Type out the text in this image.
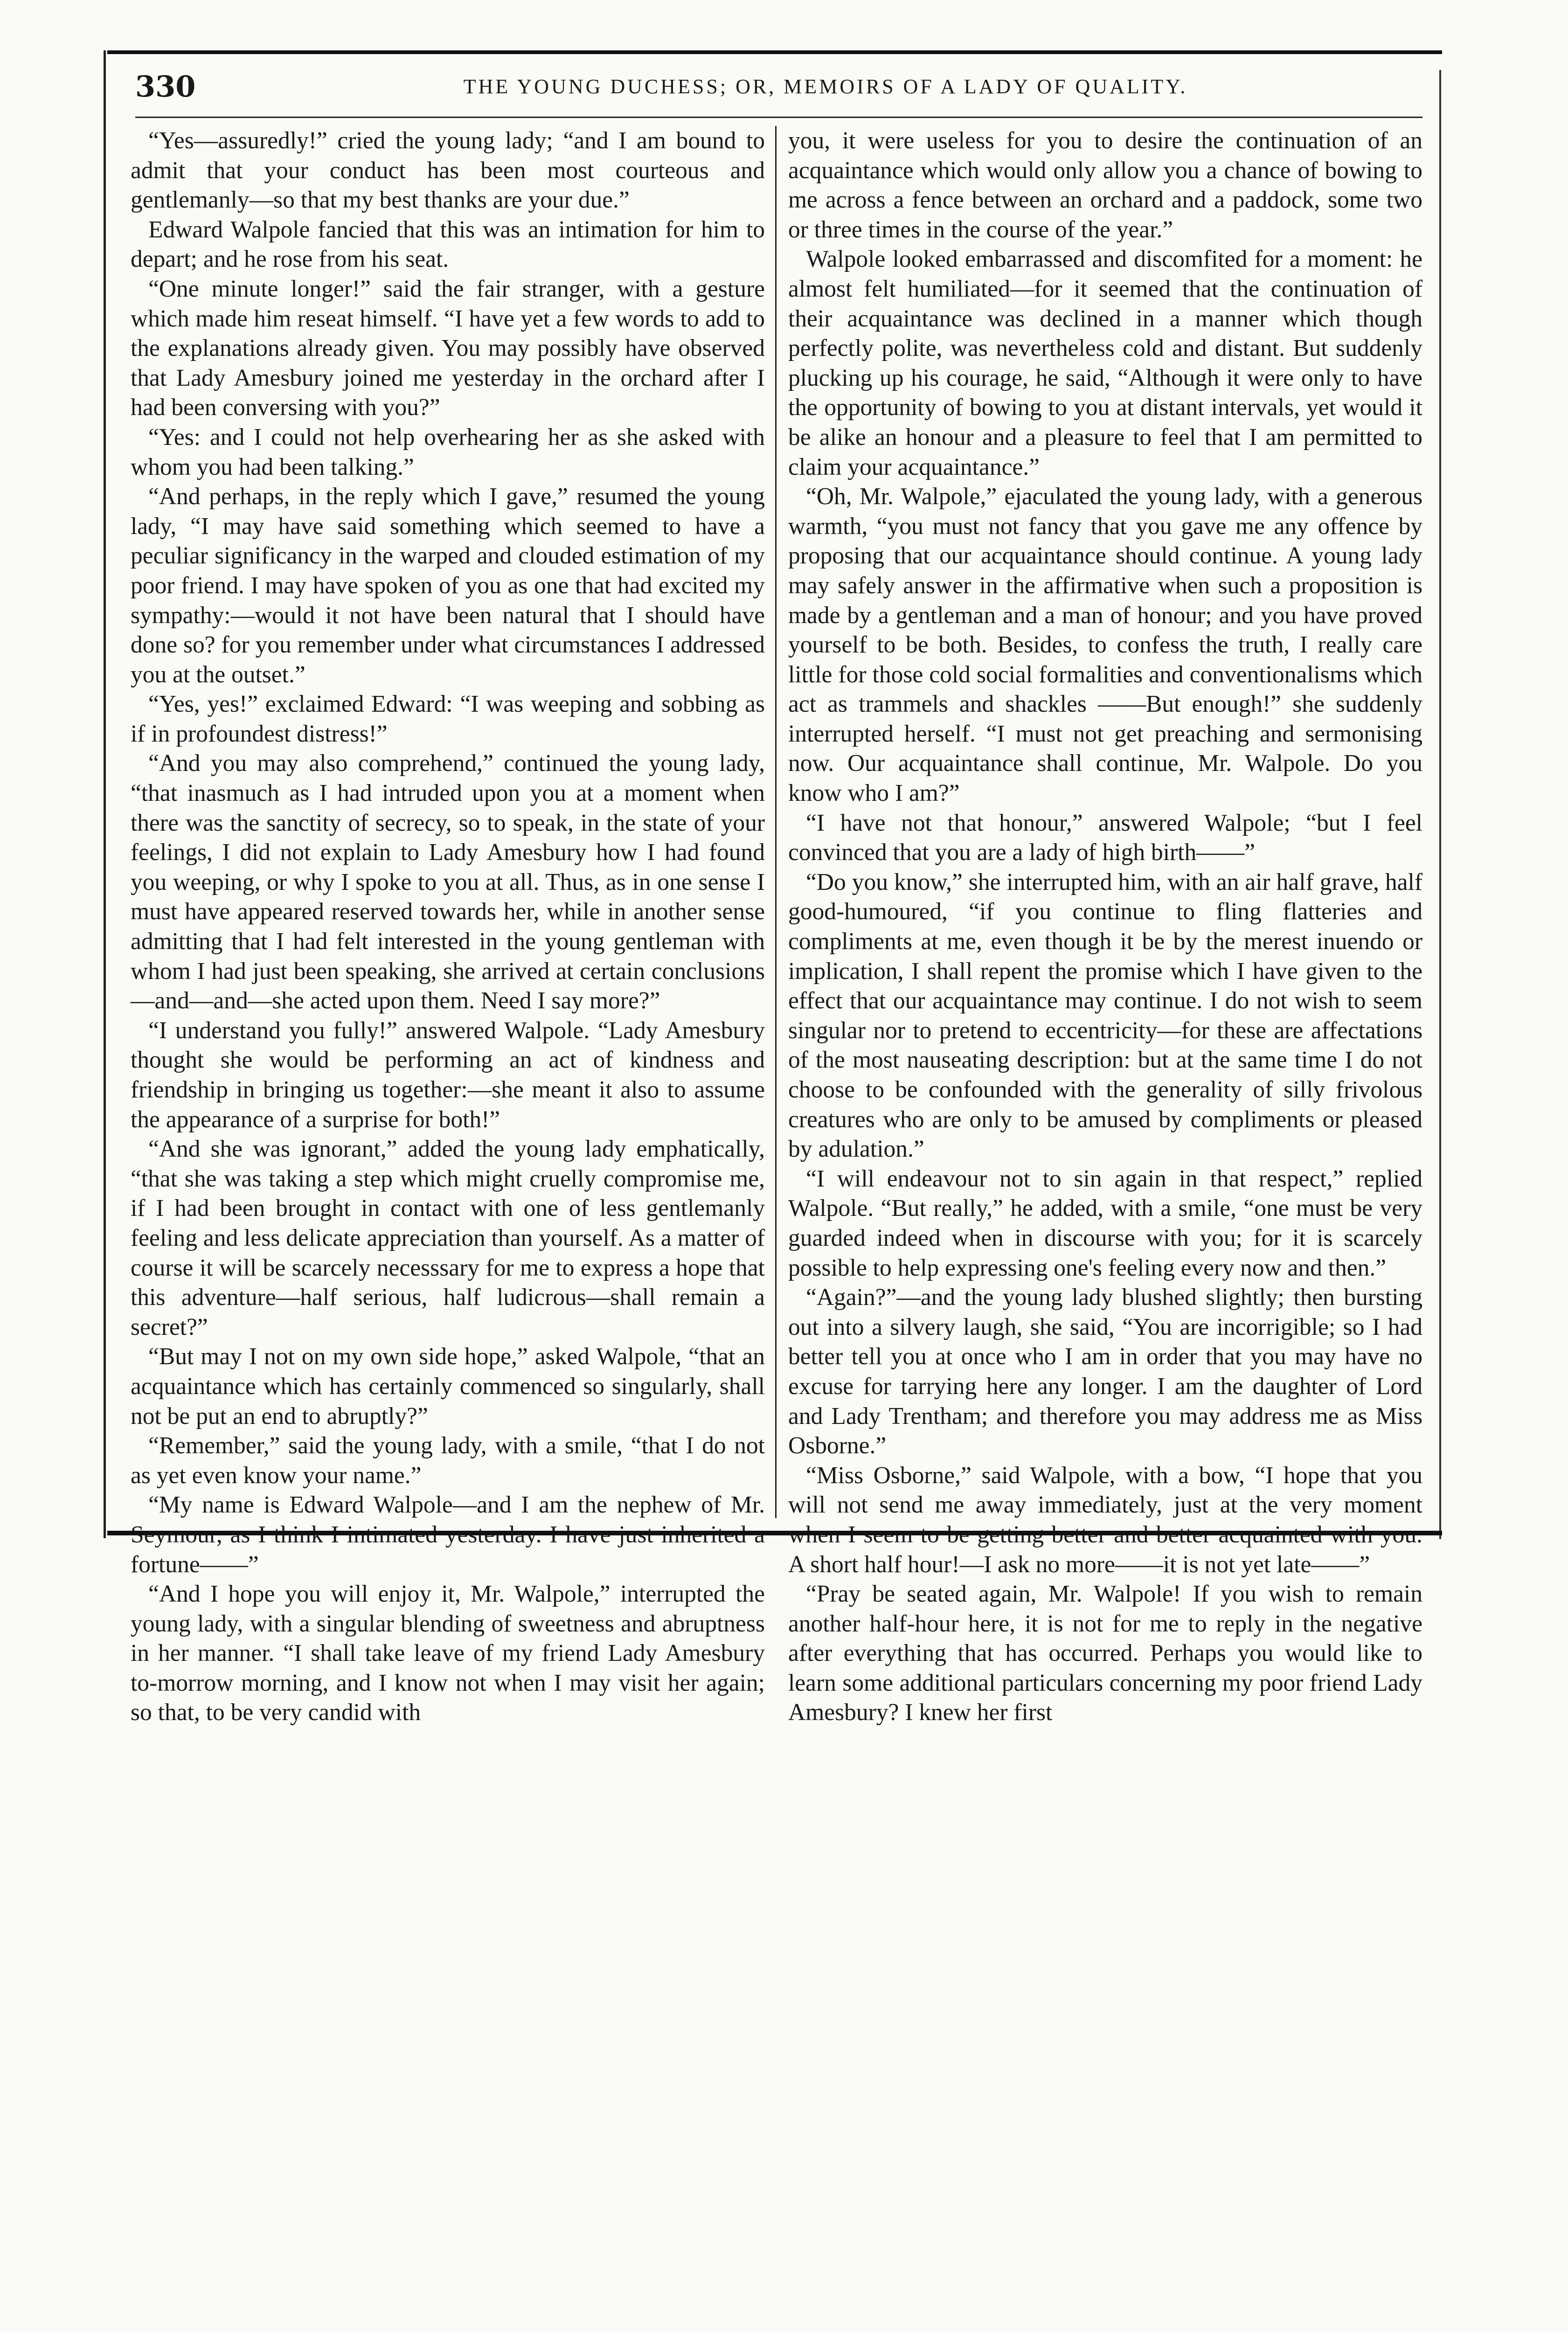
330	THE YOUNG DUCHESS; OR, MEMOIRS OF A LADY OF QUALITY.

“Yes—assuredly!” cried the young lady; “and I am bound to admit that your conduct has been most courteous and gentlemanly—so that my best thanks are your due.”

Edward Walpole fancied that this was an intimation for him to depart; and he rose from his seat.

“One minute longer!” said the fair stranger, with a gesture which made him reseat himself. “I have yet a few words to add to the explanations already given. You may possibly have observed that Lady Amesbury joined me yesterday in the orchard after I had been conversing with you?”

“Yes: and I could not help overhearing her as she asked with whom you had been talking.”

“And perhaps, in the reply which I gave,” resumed the young lady, “I may have said something which seemed to have a peculiar significancy in the warped and clouded estimation of my poor friend. I may have spoken of you as one that had excited my sympathy:—would it not have been natural that I should have done so? for you remember under what circumstances I addressed you at the outset.”

“Yes, yes!” exclaimed Edward: “I was weeping and sobbing as if in profoundest distress!”

“And you may also comprehend,” continued the young lady, “that inasmuch as I had intruded upon you at a moment when there was the sanctity of secrecy, so to speak, in the state of your feelings, I did not explain to Lady Amesbury how I had found you weeping, or why I spoke to you at all. Thus, as in one sense I must have appeared reserved towards her, while in another sense admitting that I had felt interested in the young gentleman with whom I had just been speaking, she arrived at certain conclusions—and—and—she acted upon them. Need I say more?”

“I understand you fully!” answered Walpole. “Lady Amesbury thought she would be performing an act of kindness and friendship in bringing us together:—she meant it also to assume the appearance of a surprise for both!”

“And she was ignorant,” added the young lady emphatically, “that she was taking a step which might cruelly compromise me, if I had been brought in contact with one of less gentlemanly feeling and less delicate appreciation than yourself. As a matter of course it will be scarcely necesssary for me to express a hope that this adventure—half serious, half ludicrous—shall remain a secret?”

“But may I not on my own side hope,” asked Walpole, “that an acquaintance which has certainly commenced so singularly, shall not be put an end to abruptly?”

“Remember,” said the young lady, with a smile, “that I do not as yet even know your name.”

“My name is Edward Walpole—and I am the nephew of Mr. fortune——”

“And I hope you will enjoy it, Mr. Walpole,” interrupted the young lady, with a singular blending of sweetness and abruptness in her manner. “I shall take leave of my friend Lady Amesbury to-morrow morning, and I know not when I may visit her again; so that, to be very candid with

you, it were useless for you to desire the continuation of an acquaintance which would only allow you a chance of bowing to me across a fence between an orchard and a paddock, some two or three times in the course of the year.”

Walpole looked embarrassed and discomfited for a moment: he almost felt humiliated—for it seemed that the continuation of their acquaintance was declined in a manner which though perfectly polite, was nevertheless cold and distant. But suddenly plucking up his courage, he said, “Although it were only to have the opportunity of bowing to you at distant intervals, yet would it be alike an honour and a pleasure to feel that I am permitted to claim your acquaintance.”

“Oh, Mr. Walpole,” ejaculated the young lady, with a generous warmth, “you must not fancy that you gave me any offence by proposing that our acquaintance should continue. A young lady may safely answer in the affirmative when such a proposition is made by a gentleman and a man of honour; and you have proved yourself to be both. Besides, to confess the truth, I really care little for those cold social formalities and conventionalisms which act as trammels and shackles ——But enough!” she suddenly interrupted herself. “I must not get preaching and sermonising now. Our acquaintance shall continue, Mr. Walpole. Do you know who I am?”

“I have not that honour,” answered Walpole; “but I feel convinced that you are a lady of high birth——”

“Do you know,” she interrupted him, with an air half grave, half good-humoured, “if you continue to fling flatteries and compliments at me, even though it be by the merest inuendo or implication, I shall repent the promise which I have given to the effect that our acquaintance may continue. I do not wish to seem singular nor to pretend to eccentricity—for these are affectations of the most nauseating description: but at the same time I do not choose to be confounded with the generality of silly frivolous creatures who are only to be amused by compliments or pleased by adulation.”

“I will endeavour not to sin again in that respect,” replied Walpole. “But really,” he added, with a smile, “one must be very guarded indeed when in discourse with you; for it is scarcely possible to help expressing one's feeling every now and then.”

“Again?”—and the young lady blushed slightly; then bursting out into a silvery laugh, she said, “You are incorrigible; so I had better tell you at once who I am in order that you may have no excuse for tarrying here any longer. I am the daughter of Lord and Lady Trentham; and therefore you may address me as Miss Osborne.”

“Miss Osborne,” said Walpole, with a bow, “I hope that you will not send me away immediately, just at the very moment A short half hour!—I ask no more——it is not yet late——”

“Pray be seated again, Mr. Walpole! If you wish to remain another half-hour here, it is not for me to reply in the negative after everything that has occurred. Perhaps you would like to learn some additional particulars concerning my poor friend Lady Amesbury? I knew her first
